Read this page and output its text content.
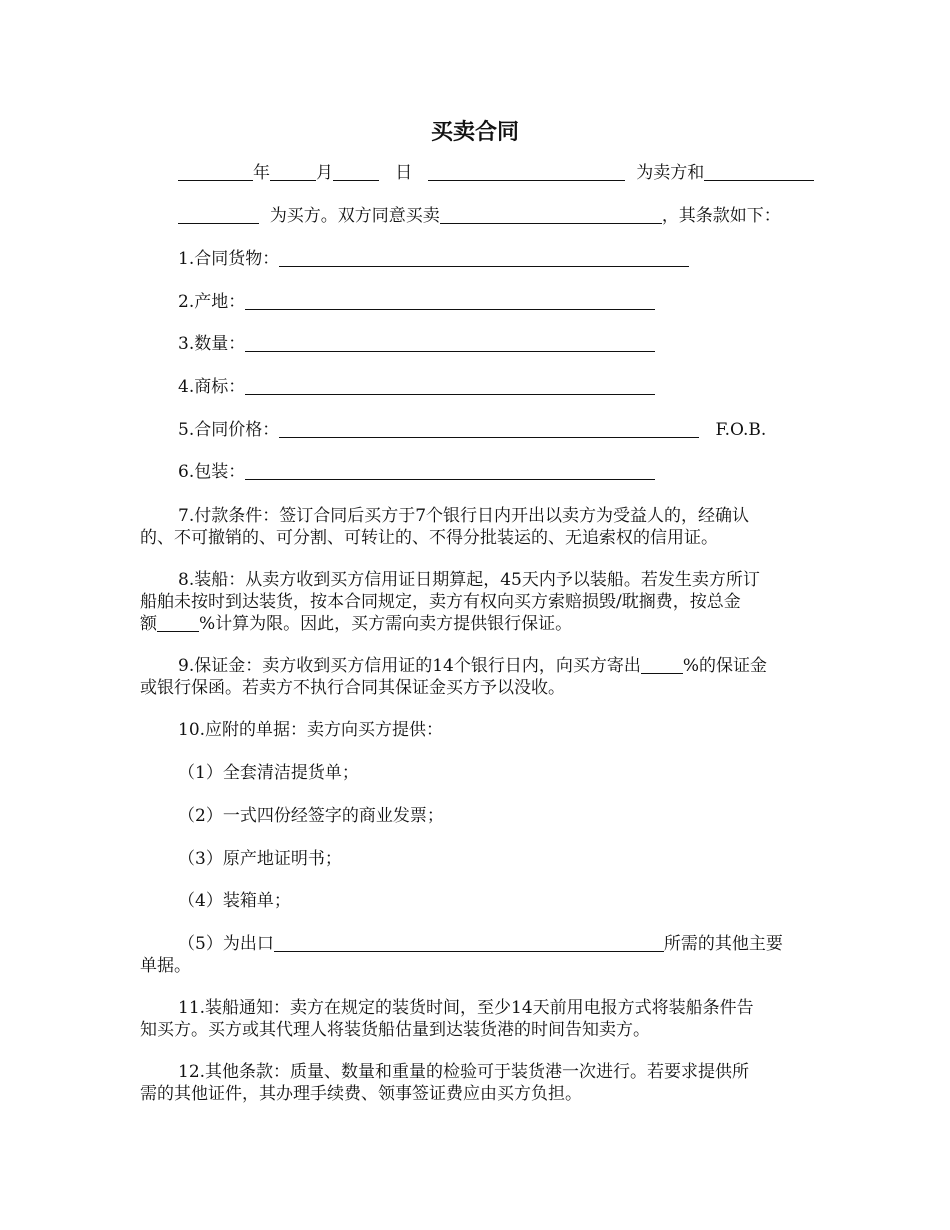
买卖合同
年	月	日	为卖方和
为买方。双方同意买卖	，其条款如下：
1.合同货物：
2.产地：
3.数量：
4.商标：
5.合同价格：	F.O.B.
6.包装：
7.付款条件：签订合同后买方于7个银行日内开出以卖方为受益人的，经确认
的、不可撤销的、可分割、可转让的、不得分批装运的、无追索权的信用证。
8.装船：从卖方收到买方信用证日期算起，45天内予以装船。若发生卖方所订
船舶未按时到达装货，按本合同规定，卖方有权向买方索赔损毁/耽搁费，按总金
额 %计算为限。因此，买方需向卖方提供银行保证。
9.保证金：卖方收到买方信用证的14个银行日内，向买方寄出 %的保证金
或银行保函。若卖方不执行合同其保证金买方予以没收。
10.应附的单据：卖方向买方提供：
（1）全套清洁提货单；
（2）一式四份经签字的商业发票；
（3）原产地证明书；
（4）装箱单；
（5）为出口	所需的其他主要
单据。
11.装船通知：卖方在规定的装货时间，至少14天前用电报方式将装船条件告
知买方。买方或其代理人将装货船估量到达装货港的时间告知卖方。
12.其他条款：质量、数量和重量的检验可于装货港一次进行。若要求提供所
需的其他证件，其办理手续费、领事签证费应由买方负担。
